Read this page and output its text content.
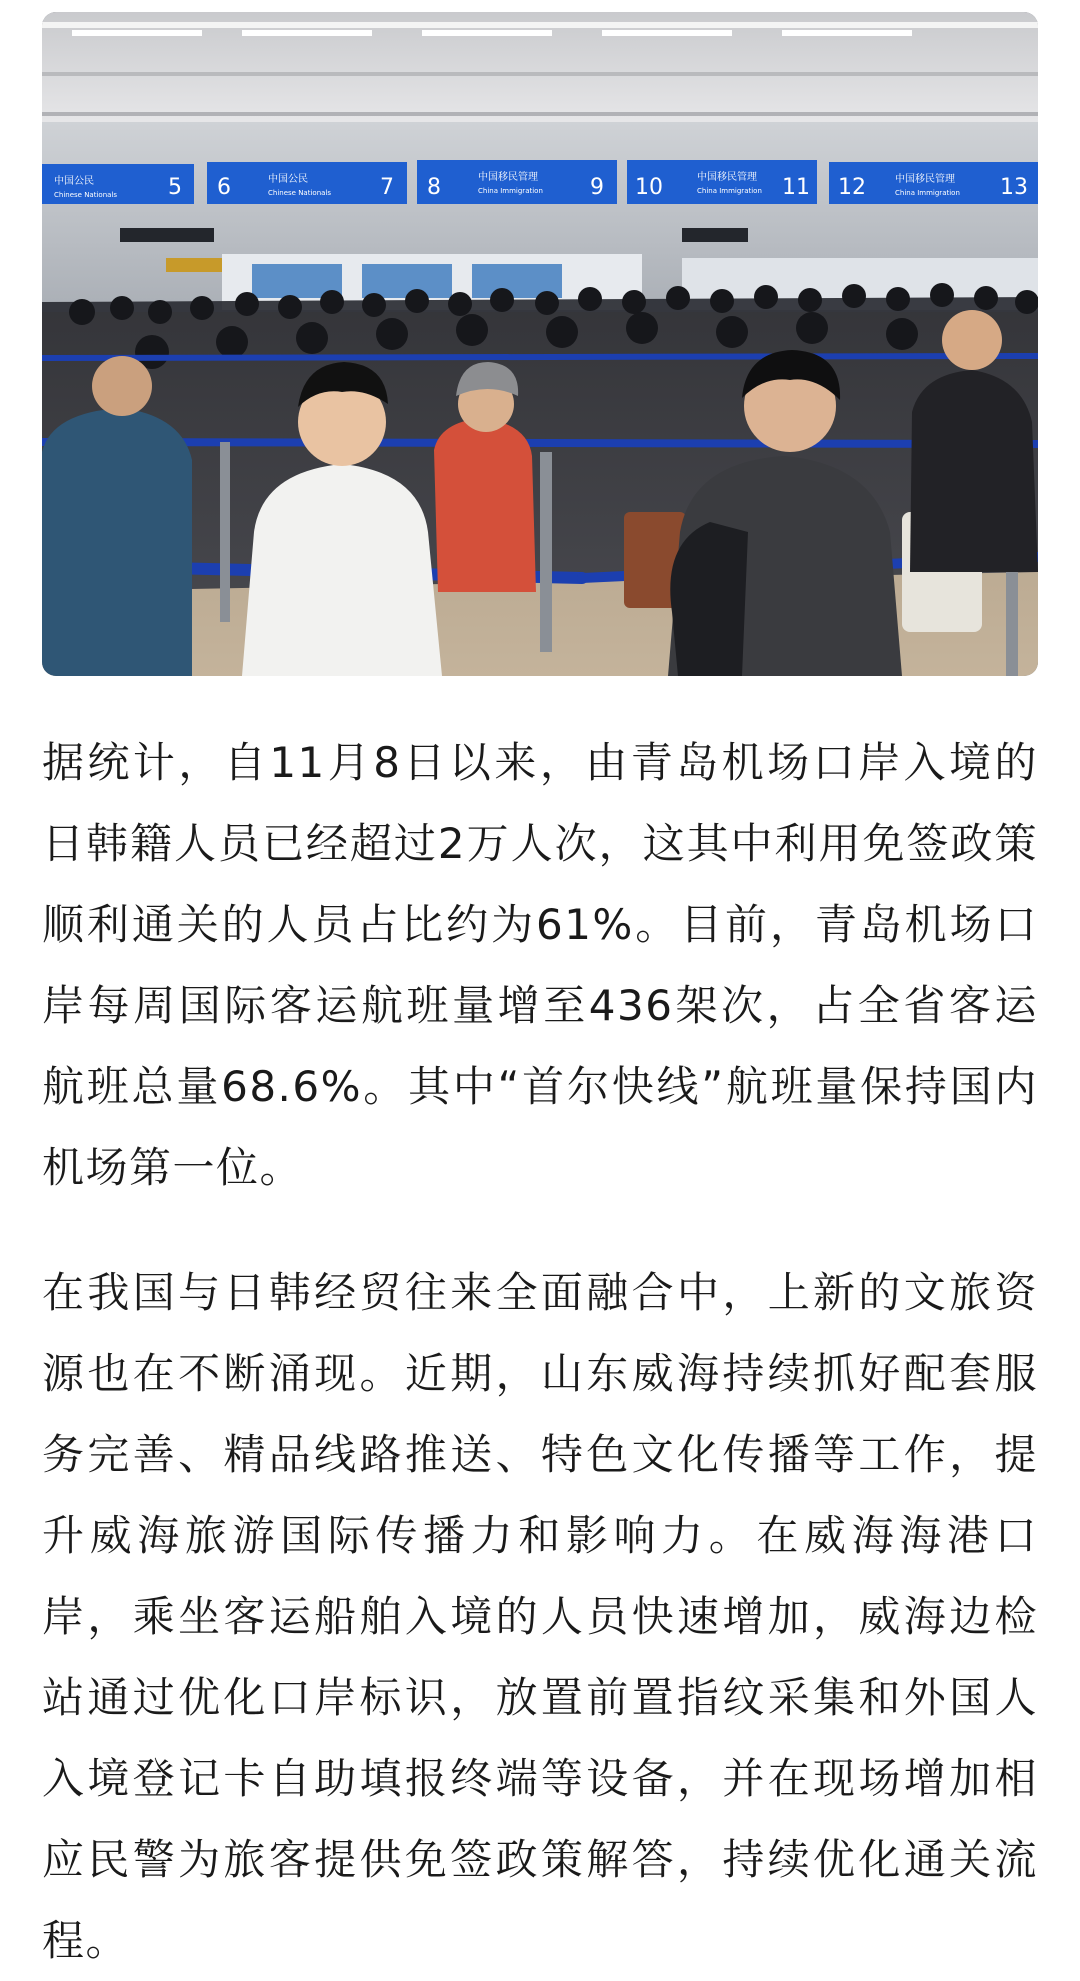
中国公民
Chinese Nationals 5 6	中国公民
Chinese Nationals 7 8	中国移民管理
China Immigration 9 10	中国移民管理
China Immigration 11 12	中国移民管理
China Immigration 13

据统计，自11月8日以来，由青岛机场口岸入境的日韩籍人员已经超过2万人次，这其中利用免签政策顺利通关的人员占比约为61%。目前，青岛机场口岸每周国际客运航班量增至436架次，占全省客运航班总量68.6%。其中“首尔快线”航班量保持国内机场第一位。

在我国与日韩经贸往来全面融合中，上新的文旅资源也在不断涌现。近期，山东威海持续抓好配套服务完善、精品线路推送、特色文化传播等工作，提升威海旅游国际传播力和影响力。在威海海港口岸，乘坐客运船舶入境的人员快速增加，威海边检站通过优化口岸标识，放置前置指纹采集和外国人入境登记卡自助填报终端等设备，并在现场增加相应民警为旅客提供免签政策解答，持续优化通关流程。
